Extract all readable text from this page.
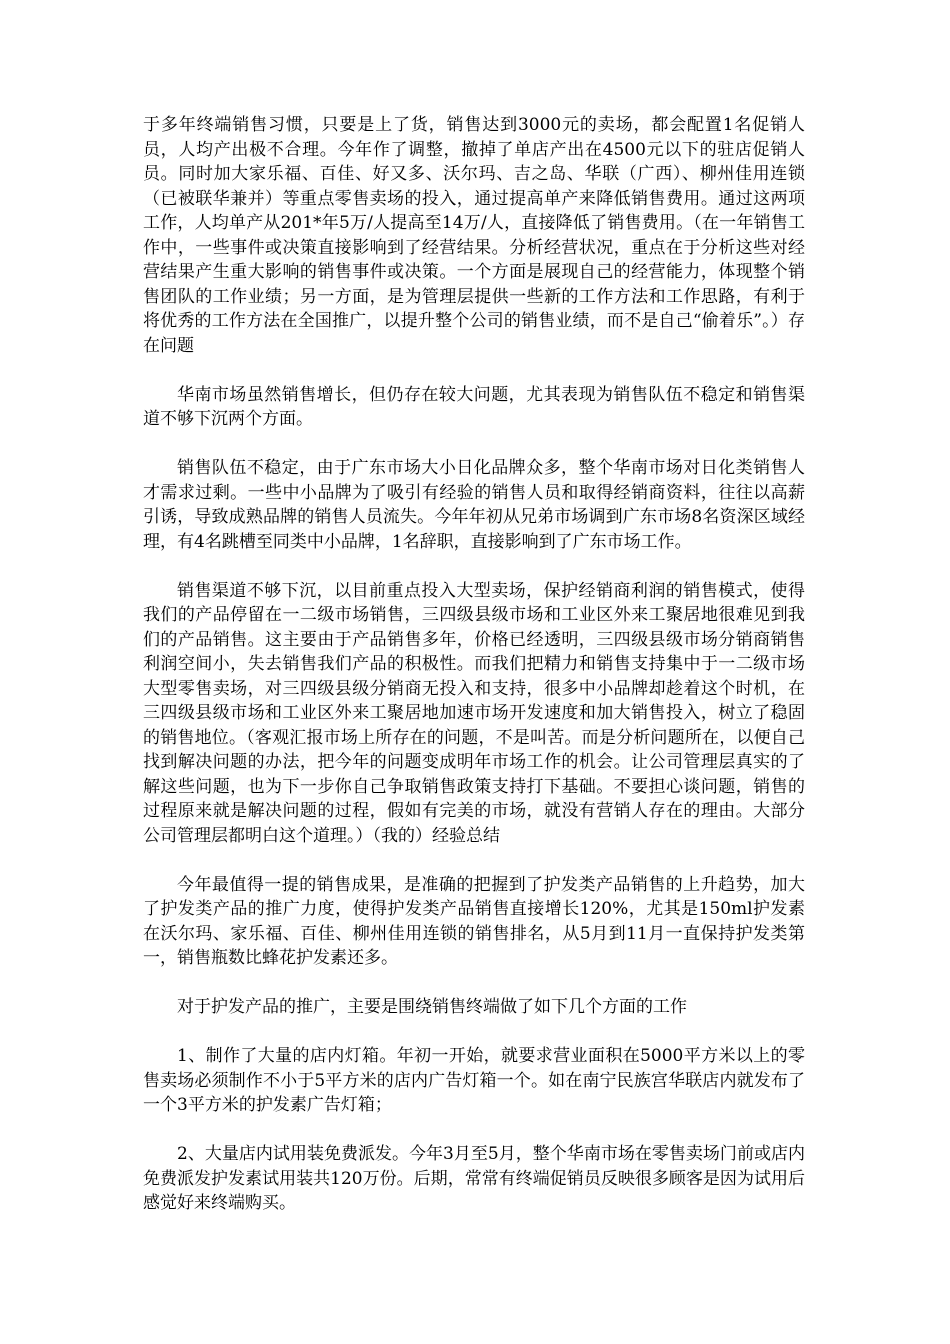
于多年终端销售习惯，只要是上了货，销售达到3000元的卖场，都会配置1名促销人员，人均产出极不合理。今年作了调整，撤掉了单店产出在4500元以下的驻店促销人员。同时加大家乐福、百佳、好又多、沃尔玛、吉之岛、华联（广西）、柳州佳用连锁（已被联华兼并）等重点零售卖场的投入，通过提高单产来降低销售费用。通过这两项工作，人均单产从201*年5万/人提高至14万/人，直接降低了销售费用。（在一年销售工作中，一些事件或决策直接影响到了经营结果。分析经营状况，重点在于分析这些对经营结果产生重大影响的销售事件或决策。一个方面是展现自己的经营能力，体现整个销售团队的工作业绩；另一方面，是为管理层提供一些新的工作方法和工作思路，有利于将优秀的工作方法在全国推广，以提升整个公司的销售业绩，而不是自己“偷着乐”。）存在问题

华南市场虽然销售增长，但仍存在较大问题，尤其表现为销售队伍不稳定和销售渠道不够下沉两个方面。

销售队伍不稳定，由于广东市场大小日化品牌众多，整个华南市场对日化类销售人才需求过剩。一些中小品牌为了吸引有经验的销售人员和取得经销商资料，往往以高薪引诱，导致成熟品牌的销售人员流失。今年年初从兄弟市场调到广东市场8名资深区域经理，有4名跳槽至同类中小品牌，1名辞职，直接影响到了广东市场工作。

销售渠道不够下沉，以目前重点投入大型卖场，保护经销商利润的销售模式，使得我们的产品停留在一二级市场销售，三四级县级市场和工业区外来工聚居地很难见到我们的产品销售。这主要由于产品销售多年，价格已经透明，三四级县级市场分销商销售利润空间小，失去销售我们产品的积极性。而我们把精力和销售支持集中于一二级市场大型零售卖场，对三四级县级分销商无投入和支持，很多中小品牌却趁着这个时机，在三四级县级市场和工业区外来工聚居地加速市场开发速度和加大销售投入，树立了稳固的销售地位。（客观汇报市场上所存在的问题，不是叫苦。而是分析问题所在，以便自己找到解决问题的办法，把今年的问题变成明年市场工作的机会。让公司管理层真实的了解这些问题，也为下一步你自己争取销售政策支持打下基础。不要担心谈问题，销售的过程原来就是解决问题的过程，假如有完美的市场，就没有营销人存在的理由。大部分公司管理层都明白这个道理。）（我的）经验总结

今年最值得一提的销售成果，是准确的把握到了护发类产品销售的上升趋势，加大了护发类产品的推广力度，使得护发类产品销售直接增长120%，尤其是150ml护发素在沃尔玛、家乐福、百佳、柳州佳用连锁的销售排名，从5月到11月一直保持护发类第一，销售瓶数比蜂花护发素还多。

对于护发产品的推广，主要是围绕销售终端做了如下几个方面的工作

1、制作了大量的店内灯箱。年初一开始，就要求营业面积在5000平方米以上的零售卖场必须制作不小于5平方米的店内广告灯箱一个。如在南宁民族宫华联店内就发布了一个3平方米的护发素广告灯箱；

2、大量店内试用装免费派发。今年3月至5月，整个华南市场在零售卖场门前或店内免费派发护发素试用装共120万份。后期，常常有终端促销员反映很多顾客是因为试用后感觉好来终端购买。
